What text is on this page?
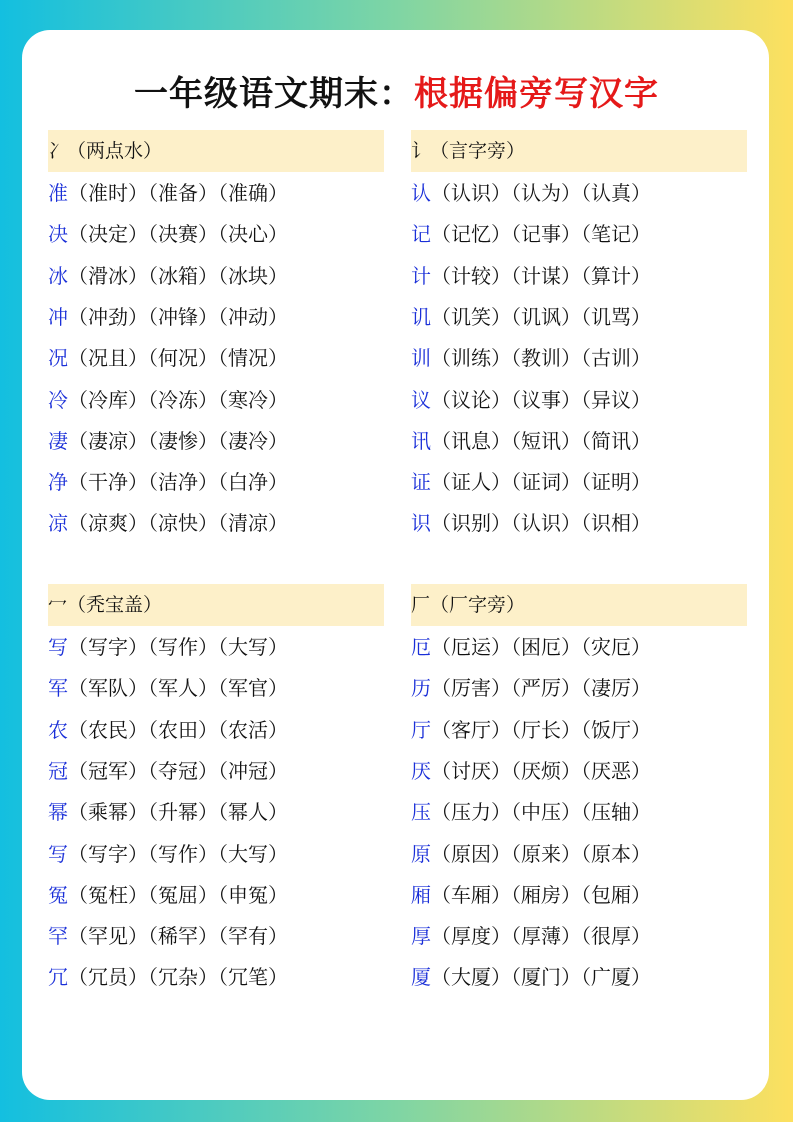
一年级语文期末：根据偏旁写汉字
冫（两点水）
准（准时）（准备）（准确）
决（决定）（决赛）（决心）
冰（滑冰）（冰箱）（冰块）
冲（冲劲）（冲锋）（冲动）
况（况且）（何况）（情况）
冷（冷库）（冷冻）（寒冷）
凄（凄凉）（凄惨）（凄冷）
净（干净）（洁净）（白净）
凉（凉爽）（凉快）（清凉）
讠（言字旁）
认（认识）（认为）（认真）
记（记忆）（记事）（笔记）
计（计较）（计谋）（算计）
讥（讥笑）（讥讽）（讥骂）
训（训练）（教训）（古训）
议（议论）（议事）（异议）
讯（讯息）（短讯）（简讯）
证（证人）（证词）（证明）
识（识别）（认识）（识相）
冖（秃宝盖）
写（写字）（写作）（大写）
军（军队）（军人）（军官）
农（农民）（农田）（农活）
冠（冠军）（夺冠）（冲冠）
幂（乘幂）（升幂）（幂人）
写（写字）（写作）（大写）
冤（冤枉）（冤屈）（申冤）
罕（罕见）（稀罕）（罕有）
冗（冗员）（冗杂）（冗笔）
厂（厂字旁）
厄（厄运）（困厄）（灾厄）
历（厉害）（严厉）（凄厉）
厅（客厅）（厅长）（饭厅）
厌（讨厌）（厌烦）（厌恶）
压（压力）（中压）（压轴）
原（原因）（原来）（原本）
厢（车厢）（厢房）（包厢）
厚（厚度）（厚薄）（很厚）
厦（大厦）（厦门）（广厦）
